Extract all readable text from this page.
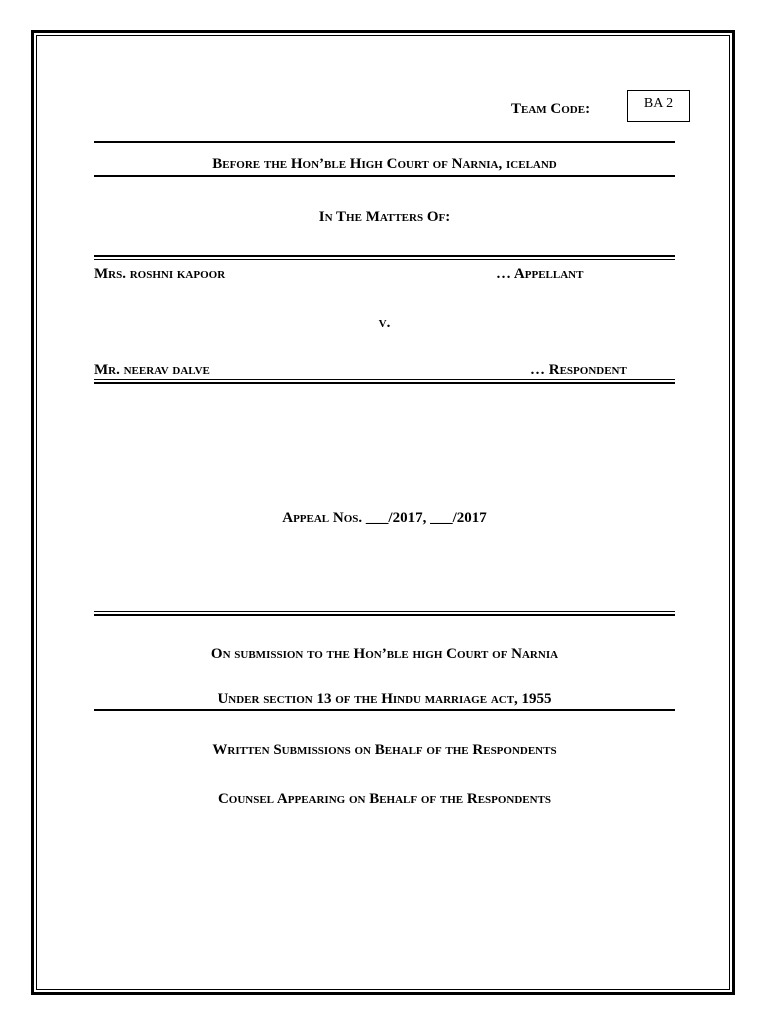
Team Code:	BA 2
Before the Hon’ble High Court of Narnia, iceland
In The Matters Of:
Mrs. roshni kapoor	… Appellant
v.
Mr. neerav dalve	… Respondent
Appeal Nos. ___/2017, ___/2017
On submission to the Hon’ble high Court of Narnia
Under section 13 of the Hindu marriage act, 1955
Written Submissions on Behalf of the Respondents
Counsel Appearing on Behalf of the Respondents
